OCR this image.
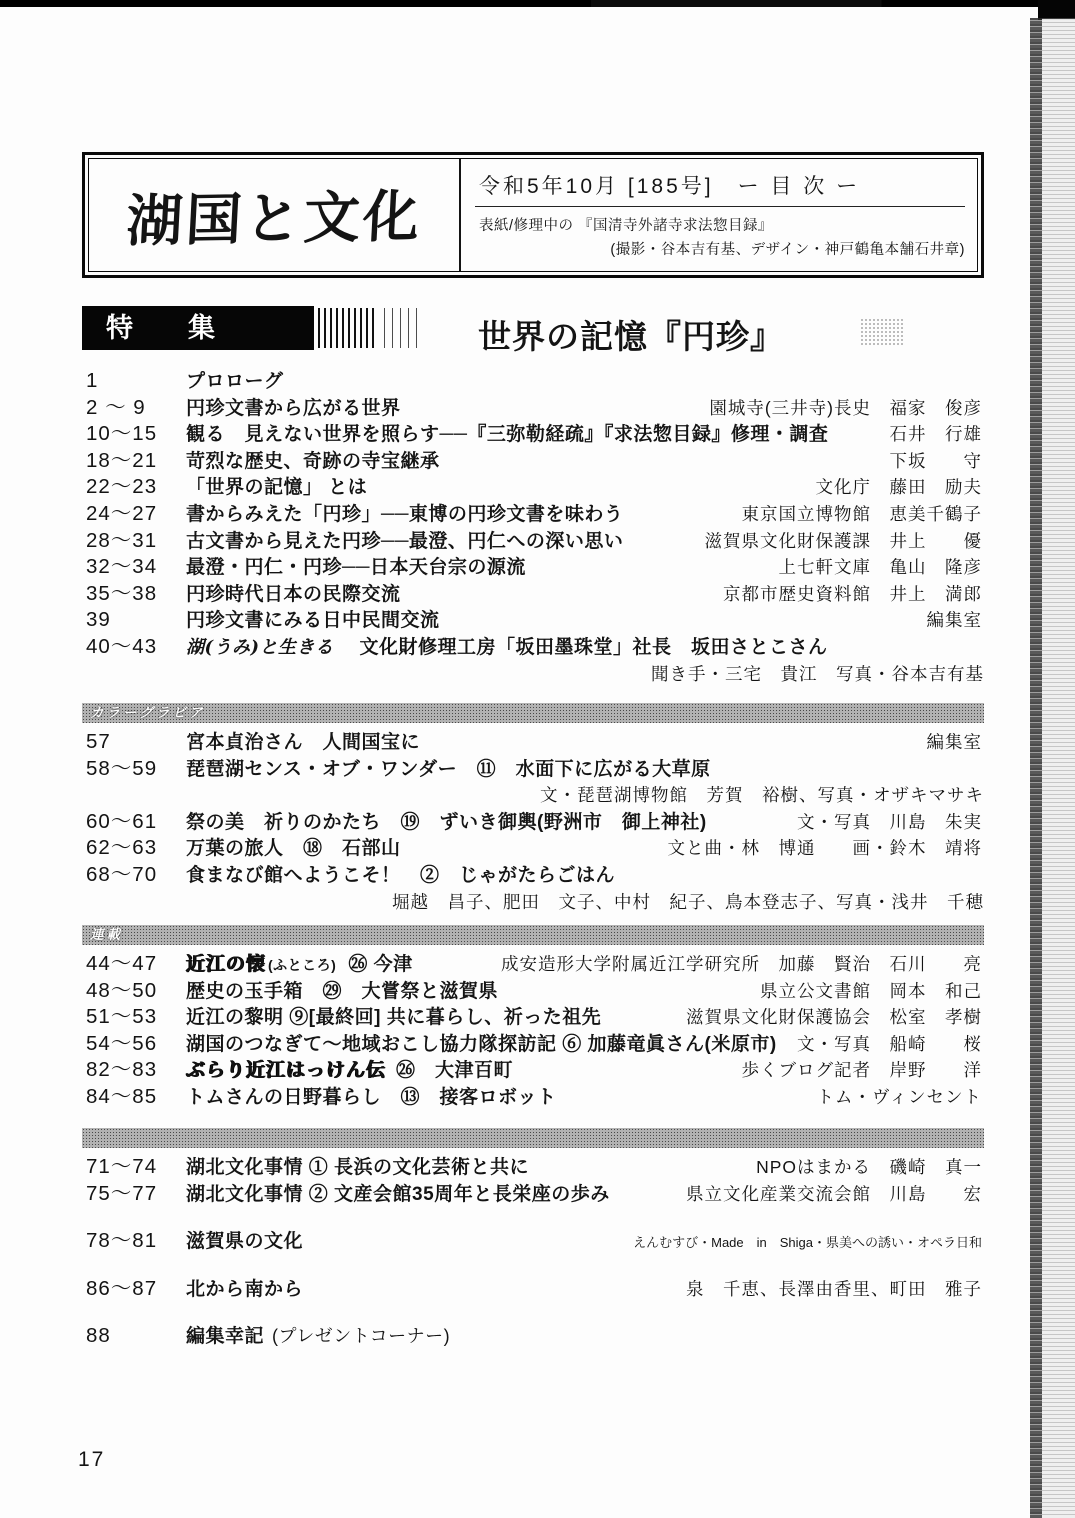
湖国と文化	令和5年10月 [185号]　ー 目 次 ー
表紙/修理中の 『国清寺外諸寺求法惣目録』
(撮影・谷本吉有基、デザイン・神戸鶴亀本舗石井章)
特　集	世界の記憶『円珍』
1	プロローグ
2 〜 9	円珍文書から広がる世界	園城寺(三井寺)長史　福家　俊彦
10〜15	観る　見えない世界を照らす──『三弥勒経疏』『求法惣目録』修理・調査	石井　行雄
18〜21	苛烈な歴史、奇跡の寺宝継承	下坂　　守
22〜23	「世界の記憶」 とは	文化庁　藤田　励夫
24〜27	書からみえた「円珍」──東博の円珍文書を味わう	東京国立博物館　恵美千鶴子
28〜31	古文書から見えた円珍──最澄、円仁への深い思い	滋賀県文化財保護課　井上　　優
32〜34	最澄・円仁・円珍──日本天台宗の源流	上七軒文庫　亀山　隆彦
35〜38	円珍時代日本の民際交流	京都市歴史資料館　井上　満郎
39	円珍文書にみる日中民間交流	編集室
40〜43	湖(うみ)と生きる 文化財修理工房「坂田墨珠堂」社長　坂田さとこさん
聞き手・三宅　貴江　写真・谷本吉有基
カラーグラビア
57	宮本貞治さん　人間国宝に	編集室
58〜59	琵琶湖センス・オブ・ワンダー　⑪　水面下に広がる大草原
文・琵琶湖博物館　芳賀　裕樹、写真・オザキマサキ
60〜61	祭の美　祈りのかたち　⑲　ずいき御輿(野洲市　御上神社)	文・写真　川島　朱実
62〜63	万葉の旅人　⑱　石部山	文と曲・林　博通　　画・鈴木　靖将
68〜70	食まなび館へようこそ！　②　じゃがたらごはん
堀越　昌子、肥田　文子、中村　紀子、鳥本登志子、写真・浅井　千穂
連載
44〜47	近江の懐 (ふところ) ㉖ 今津	成安造形大学附属近江学研究所　加藤　賢治　石川　　亮
48〜50	歴史の玉手箱　㉙　大嘗祭と滋賀県	県立公文書館　岡本　和己
51〜53	近江の黎明 ⑨[最終回] 共に暮らし、祈った祖先	滋賀県文化財保護協会　松室　孝樹
54〜56	湖国のつなぎて〜地域おこし協力隊探訪記 ⑥ 加藤竜眞さん(米原市) 文・写真　船崎　　桜
82〜83	ぶらり近江はっけん伝 ㉖　大津百町	歩くブログ記者　岸野　　洋
84〜85	トムさんの日野暮らし　⑬　接客ロボット	トム・ヴィンセント
71〜74	湖北文化事情 ① 長浜の文化芸術と共に	NPOはまかる　磯崎　真一
75〜77	湖北文化事情 ② 文産会館35周年と長栄座の歩み	県立文化産業交流会館　川島　　宏
78〜81	滋賀県の文化	えんむすび・Made　in　Shiga・県美への誘い・オペラ日和
86〜87	北から南から	泉　千恵、長澤由香里、町田　雅子
88	編集幸記 (プレゼントコーナー)
17
